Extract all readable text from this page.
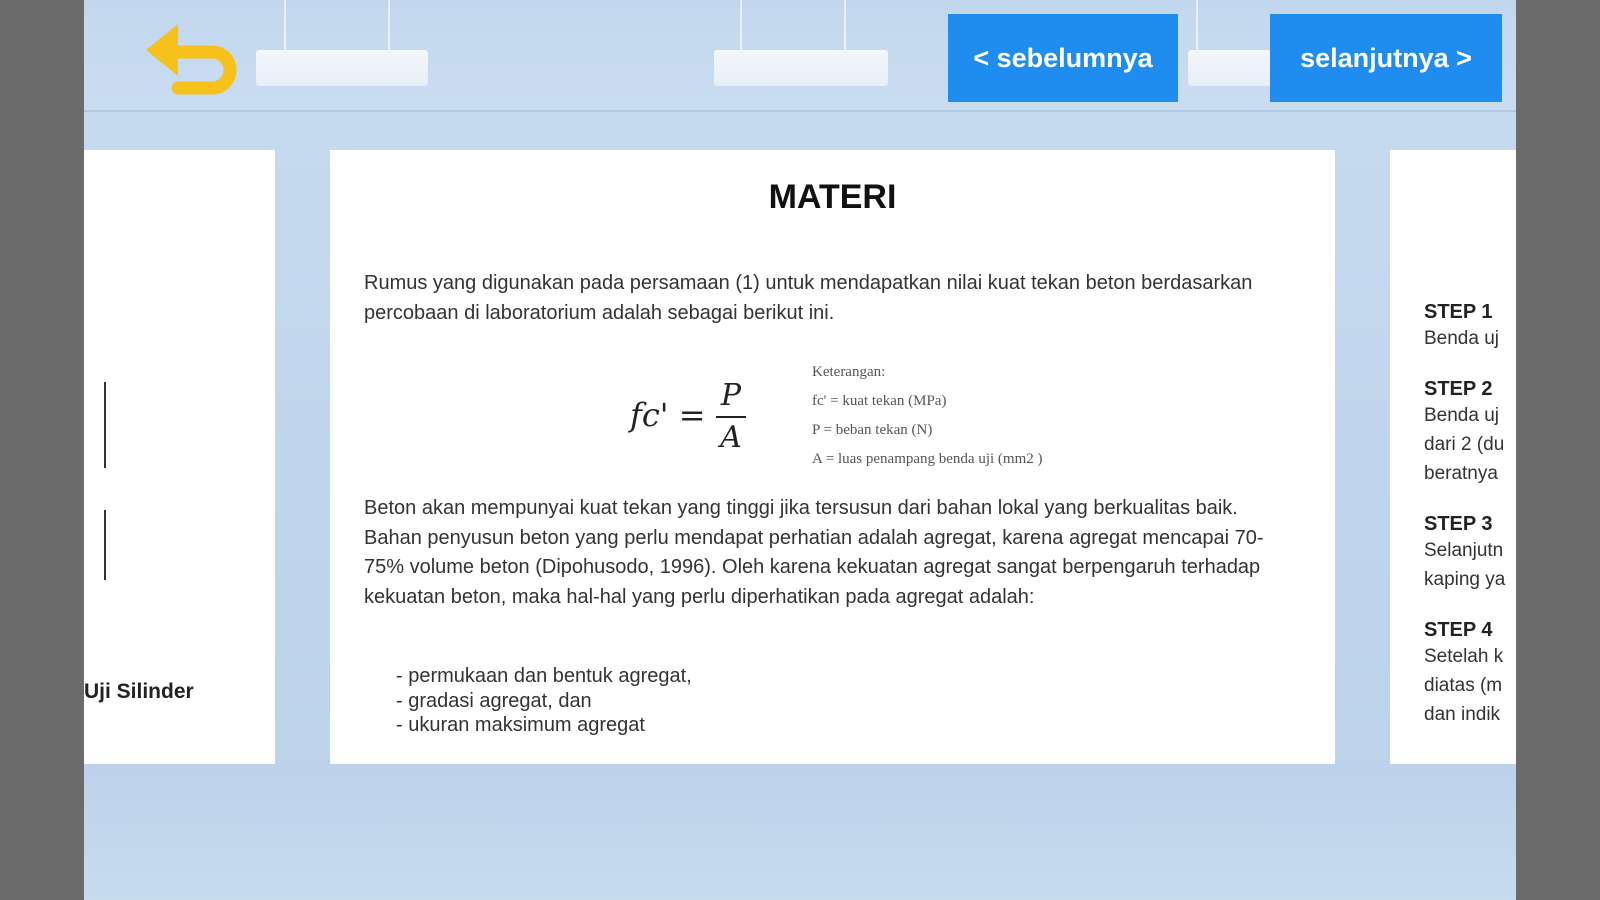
< sebelumnya	selanjutnya >
Uji Silinder
MATERI
Rumus yang digunakan pada persamaan (1) untuk mendapatkan nilai kuat tekan beton berdasarkan percobaan di laboratorium adalah sebagai berikut ini.
fc' =
P
A
Keterangan:
fc' = kuat tekan (MPa)
P = beban tekan (N)
A = luas penampang benda uji (mm2 )
Beton akan mempunyai kuat tekan yang tinggi jika tersusun dari bahan lokal yang berkualitas baik. Bahan penyusun beton yang perlu mendapat perhatian adalah agregat, karena agregat mencapai 70-75% volume beton (Dipohusodo, 1996). Oleh karena kekuatan agregat sangat berpengaruh terhadap kekuatan beton, maka hal-hal yang perlu diperhatikan pada agregat adalah:
- permukaan dan bentuk agregat,
- gradasi agregat, dan
- ukuran maksimum agregat
STEP 1
Benda uj
STEP 2
Benda uj
dari 2 (du
beratnya
STEP 3
Selanjutn
kaping ya
STEP 4
Setelah k
diatas (m
dan indik
